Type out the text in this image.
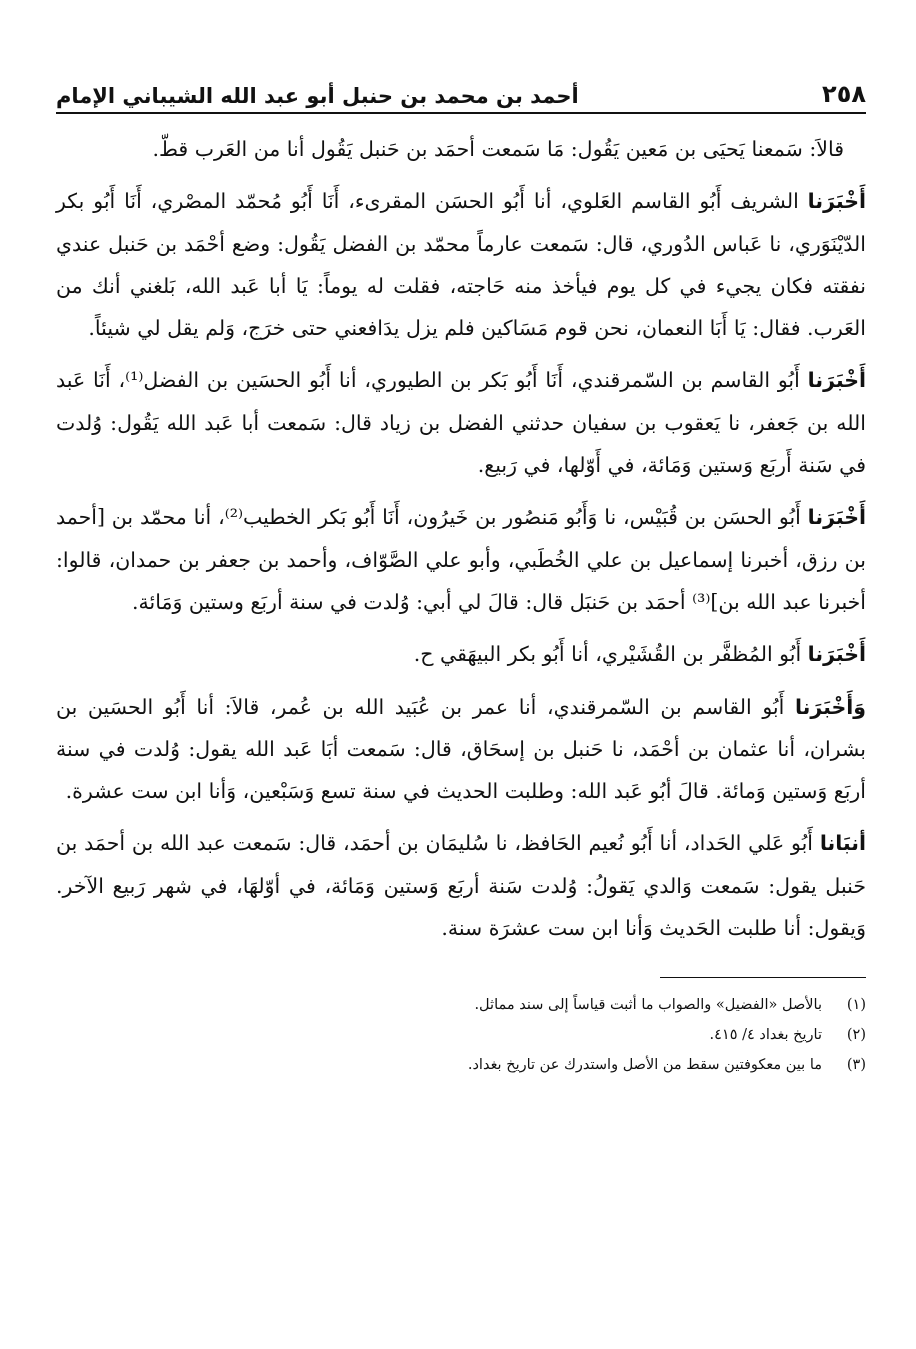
٢٥٨
أحمد بن محمد بن حنبل أبو عبد الله الشيباني الإمام

قالاَ: سَمعنا يَحيَى بن مَعين يَقُول: مَا سَمعت أحمَد بن حَنبل يَقُول أنا من العَرب قطّ.

أَخْبَرَنا الشريف أَبُو القاسم العَلوي، أنا أَبُو الحسَن المقرىء، أَنَا أَبُو مُحمّد المصْري، أَنَا أَبُو بكر الدّيْنَوَري، نا عَباس الدُوري، قال: سَمعت عارماً محمّد بن الفضل يَقُول: وضع أحْمَد بن حَنبل عندي نفقته فكان يجيء في كل يوم فيأخذ منه حَاجته، فقلت له يوماً: يَا أبا عَبد الله، بَلغني أنك من العَرب. فقال: يَا أَبَا النعمان، نحن قوم مَسَاكين فلم يزل يدَافعني حتى خرَج، وَلم يقل لي شيئاً.

أَخْبَرَنا أَبُو القاسم بن السّمرقندي، أَنَا أَبُو بَكر بن الطيوري، أنا أَبُو الحسَين بن الفضل⁽¹⁾، أَنَا عَبد الله بن جَعفر، نا يَعقوب بن سفيان حدثني الفضل بن زياد قال: سَمعت أبا عَبد الله يَقُول: وُلدت في سَنة أَربَع وَستين وَمَائة، في أَوّلها، في رَبيع.

أَخْبَرَنا أَبُو الحسَن بن قُبَيْس، نا وَأَبُو مَنصُور بن خَيرُون، أَنَا أَبُو بَكر الخطيب⁽²⁾، أنا محمّد بن [أحمد بن رزق، أخبرنا إسماعيل بن علي الخُطَبي، وأبو علي الصَّوّاف، وأحمد بن جعفر بن حمدان، قالوا: أخبرنا عبد الله بن]⁽³⁾ أحمَد بن حَنبَل قال: قالَ لي أبي: وُلدت في سنة أربَع وستين وَمَائة.

أَخْبَرَنا أَبُو المُظفَّر بن القُشَيْري، أنا أَبُو بكر البيهَقي ح.

وَأَخْبَرَنا أَبُو القاسم بن السّمرقندي، أنا عمر بن عُبَيد الله بن عُمر، قالاَ: أنا أَبُو الحسَين بن بشران، أنا عثمان بن أحْمَد، نا حَنبل بن إسحَاق، قال: سَمعت أبَا عَبد الله يقول: وُلدت في سنة أربَع وَستين وَمائة. قالَ أبُو عَبد الله: وطلبت الحديث في سنة تسع وَسَبْعين، وَأنا ابن ست عشرة.

أنبَانا أَبُو عَلي الحَداد، أنا أَبُو نُعيم الحَافظ، نا سُليمَان بن أحمَد، قال: سَمعت عبد الله بن أحمَد بن حَنبل يقول: سَمعت وَالدي يَقولُ: وُلدت سَنة أربَع وَستين وَمَائة، في أوّلهَا، في شهر رَبيع الآخر. وَيقول: أنا طلبت الحَديث وَأنا ابن ست عشرَة سنة.

(١)
بالأصل «الفضيل» والصواب ما أثبت قياساً إلى سند مماثل.
(٢)
تاريخ بغداد ٤/ ٤١٥.
(٣)
ما بين معكوفتين سقط من الأصل واستدرك عن تاريخ بغداد.
